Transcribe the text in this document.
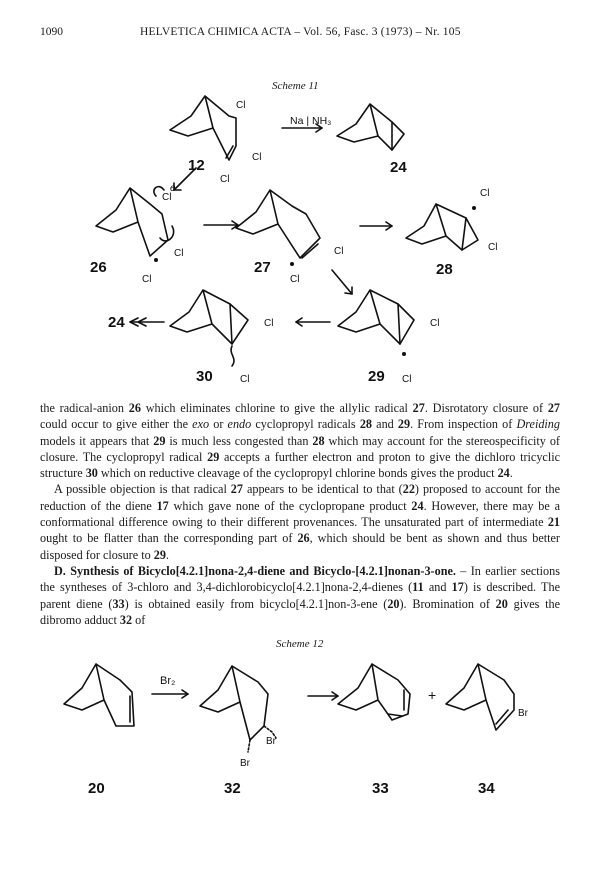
1090	HELVETICA CHIMICA ACTA – Vol. 56, Fasc. 3 (1973) – Nr. 105
Scheme 11
Cl
Cl
Cl
Na | NH₃
e
Cl
Cl
Cl
Cl
Cl
Cl
Cl
Cl
Cl
Cl
Cl
12	24
26	27	28
24
30	29

the radical-anion 26 which eliminates chlorine to give the allylic radical 27. Disrotatory closure of 27 could occur to give either the exo or endo cyclopropyl radicals 28 and 29. From inspection of Dreiding models it appears that 29 is much less congested than 28 which may account for the stereospecificity of closure. The cyclopropyl radical 29 accepts a further electron and proton to give the dichloro tricyclic structure 30 which on reductive cleavage of the cyclopropyl chlorine bonds gives the product 24.

A possible objection is that radical 27 appears to be identical to that (22) proposed to account for the reduction of the diene 17 which gave none of the cyclopropane product 24. However, there may be a conformational difference owing to their different provenances. The unsaturated part of intermediate 21 ought to be flatter than the corresponding part of 26, which should be bent as shown and thus better disposed for closure to 29.

D. Synthesis of Bicyclo[4.2.1]nona-2,4-diene and Bicyclo-[4.2.1]nonan-3-one. – In earlier sections the syntheses of 3-chloro and 3,4-dichlorobicyclo[4.2.1]nona-2,4-dienes (11 and 17) is described. The parent diene (33) is obtained easily from bicyclo[4.2.1]non-3-ene (20). Bromination of 20 gives the dibromo adduct 32 of

Scheme 12
Br₂
Br
Br
Br
+
20	32	33	34
